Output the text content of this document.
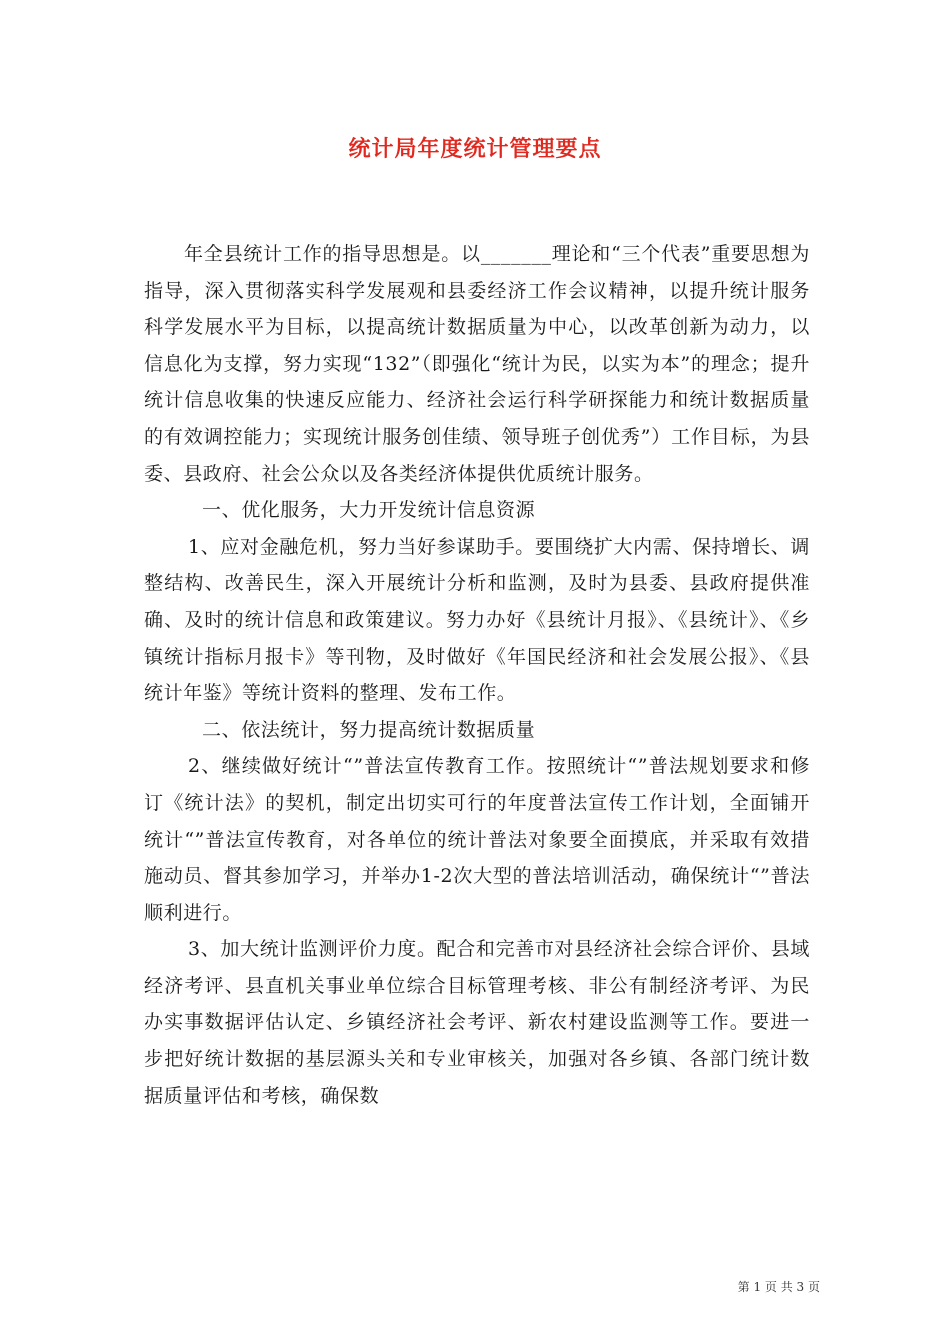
统计局年度统计管理要点

年全县统计工作的指导思想是。以_______理论和“三个代表”重要思想为指导，深入贯彻落实科学发展观和县委经济工作会议精神，以提升统计服务科学发展水平为目标，以提高统计数据质量为中心，以改革创新为动力，以信息化为支撑，努力实现“132”（即强化“统计为民，以实为本”的理念；提升统计信息收集的快速反应能力、经济社会运行科学研探能力和统计数据质量的有效调控能力；实现统计服务创佳绩、领导班子创优秀”）工作目标，为县委、县政府、社会公众以及各类经济体提供优质统计服务。

一、优化服务，大力开发统计信息资源

1、应对金融危机，努力当好参谋助手。要围绕扩大内需、保持增长、调整结构、改善民生，深入开展统计分析和监测，及时为县委、县政府提供准确、及时的统计信息和政策建议。努力办好《县统计月报》、《县统计》、《乡镇统计指标月报卡》等刊物，及时做好《年国民经济和社会发展公报》、《县统计年鉴》等统计资料的整理、发布工作。

二、依法统计，努力提高统计数据质量

2、继续做好统计“”普法宣传教育工作。按照统计“”普法规划要求和修订《统计法》的契机，制定出切实可行的年度普法宣传工作计划，全面铺开统计“”普法宣传教育，对各单位的统计普法对象要全面摸底，并采取有效措施动员、督其参加学习，并举办1-2次大型的普法培训活动，确保统计“”普法顺利进行。

3、加大统计监测评价力度。配合和完善市对县经济社会综合评价、县域经济考评、县直机关事业单位综合目标管理考核、非公有制经济考评、为民办实事数据评估认定、乡镇经济社会考评、新农村建设监测等工作。要进一步把好统计数据的基层源头关和专业审核关，加强对各乡镇、各部门统计数据质量评估和考核，确保数

第 1 页 共 3 页
